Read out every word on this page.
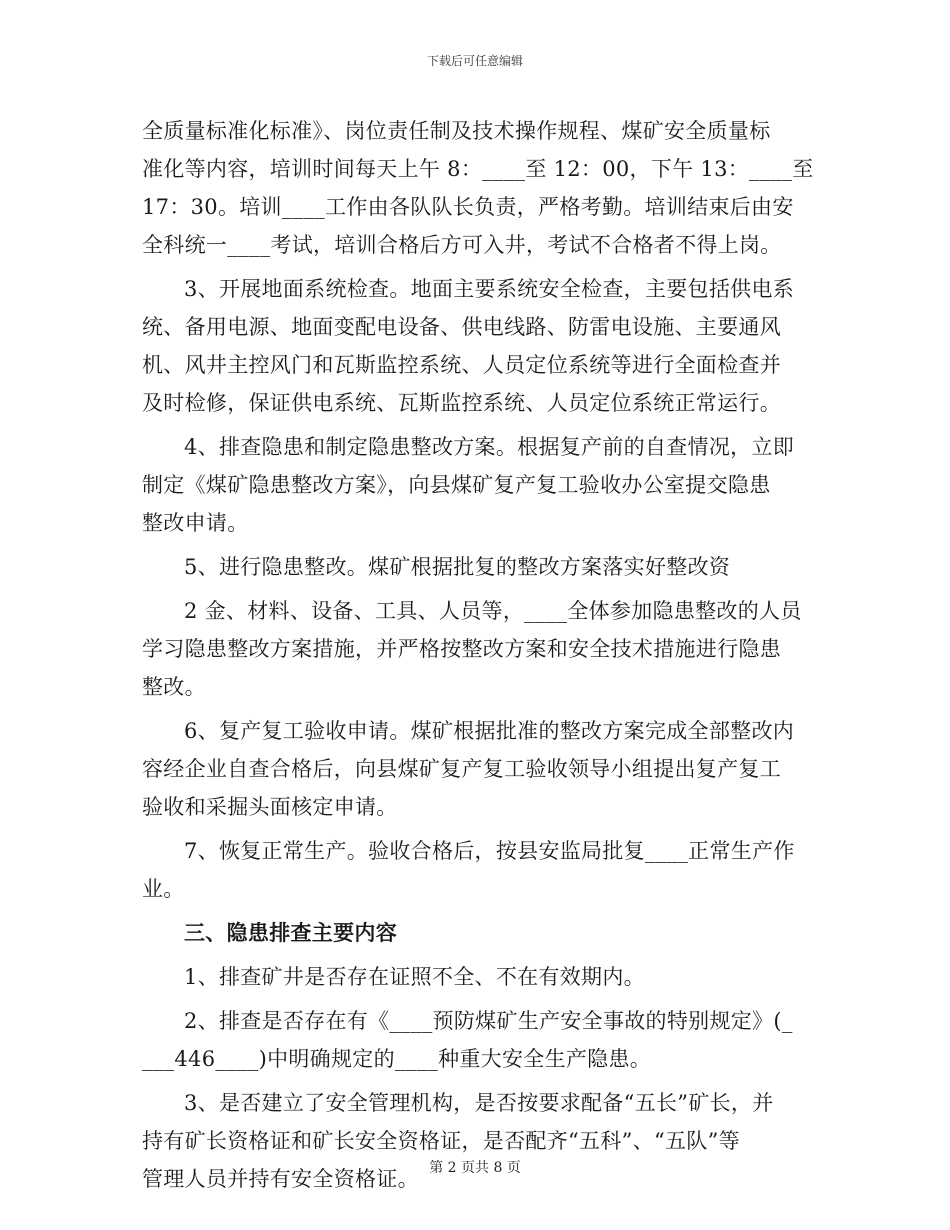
下载后可任意编辑
全质量标准化标准》、岗位责任制及技术操作规程、煤矿安全质量标
准化等内容，培训时间每天上午 8：____至 12：00，下午 13：____至
17：30。培训____工作由各队队长负责，严格考勤。培训结束后由安
全科统一____考试，培训合格后方可入井，考试不合格者不得上岗。
3、开展地面系统检查。地面主要系统安全检查，主要包括供电系
统、备用电源、地面变配电设备、供电线路、防雷电设施、主要通风
机、风井主控风门和瓦斯监控系统、人员定位系统等进行全面检查并
及时检修，保证供电系统、瓦斯监控系统、人员定位系统正常运行。
4、排查隐患和制定隐患整改方案。根据复产前的自查情况，立即
制定《煤矿隐患整改方案》，向县煤矿复产复工验收办公室提交隐患
整改申请。
5、进行隐患整改。煤矿根据批复的整改方案落实好整改资
2 金、材料、设备、工具、人员等，____全体参加隐患整改的人员
学习隐患整改方案措施，并严格按整改方案和安全技术措施进行隐患
整改。
6、复产复工验收申请。煤矿根据批准的整改方案完成全部整改内
容经企业自查合格后，向县煤矿复产复工验收领导小组提出复产复工
验收和采掘头面核定申请。
7、恢复正常生产。验收合格后，按县安监局批复____正常生产作
业。
三、隐患排查主要内容
1、排查矿井是否存在证照不全、不在有效期内。
2、排查是否存在有《____预防煤矿生产安全事故的特别规定》(_
___446____)中明确规定的____种重大安全生产隐患。
3、是否建立了安全管理机构，是否按要求配备“五长”矿长，并
持有矿长资格证和矿长安全资格证，是否配齐“五科”、“五队”等
管理人员并持有安全资格证。 第 2 页共 8 页
